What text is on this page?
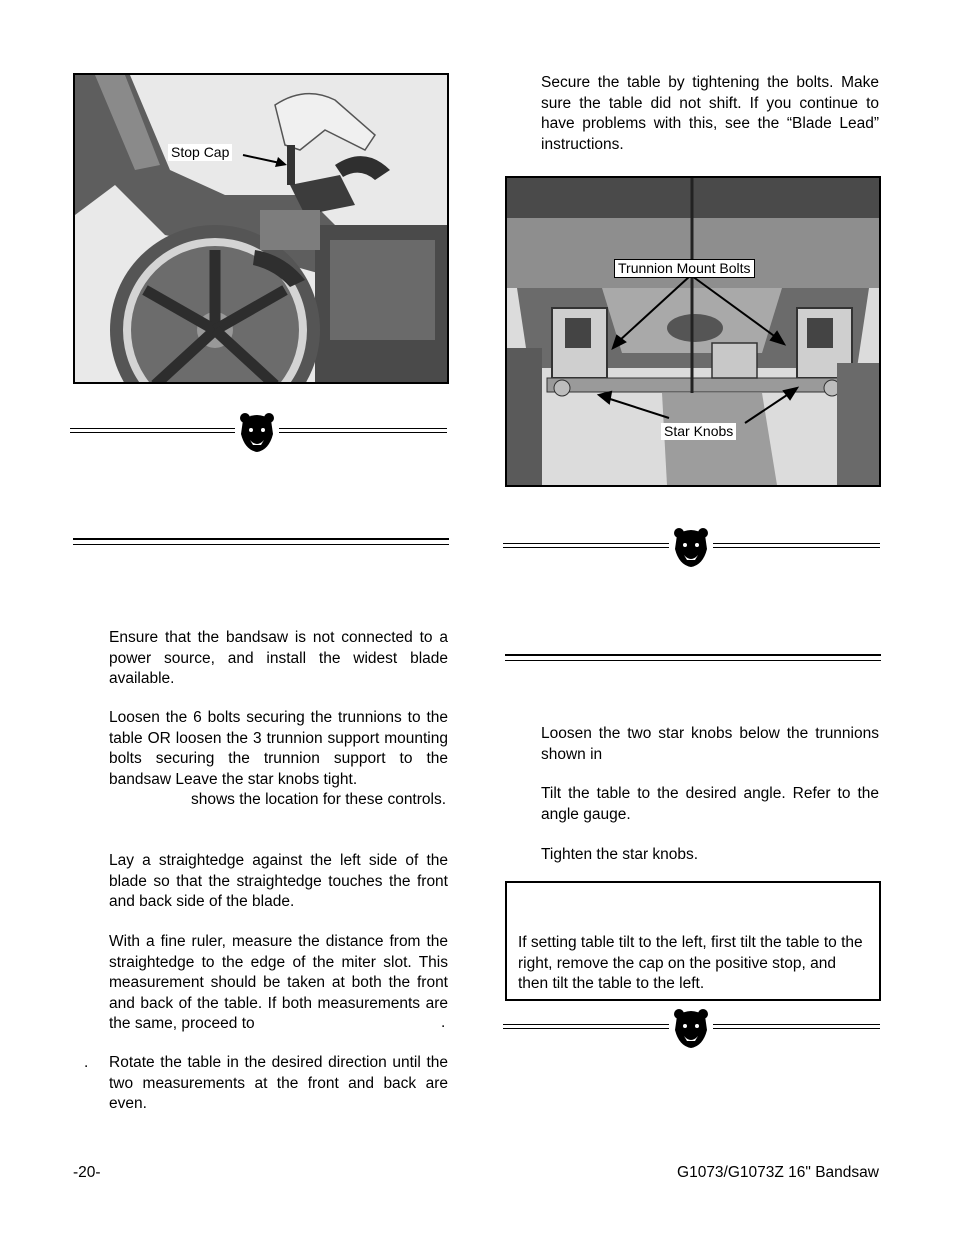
Stop Cap
Ensure that the bandsaw is not connected to a power source, and install the widest blade available.
Loosen the 6 bolts securing the trunnions to the table OR loosen the 3 trunnion support mounting bolts securing the trunnion support to the bandsaw Leave the star knobs tight.
shows the location for these controls.
Lay a straightedge against the left side of the blade so that the straightedge touches the front and back side of the blade.
With a fine ruler, measure the distance from the straightedge to the edge of the miter slot. This measurement should be taken at both the front and back of the table. If both measurements are the same, proceed to	.
. Rotate the table in the desired direction until the two measurements at the front and back are even.
Secure the table by tightening the bolts. Make sure the table did not shift. If you continue to have problems with this, see the “Blade Lead” instructions.
Trunnion Mount Bolts
Star Knobs
Loosen the two star knobs below the trunnions shown in
Tilt the table to the desired angle. Refer to the angle gauge.
Tighten the star knobs.
If setting table tilt to the left, first tilt the table to the right, remove the cap on the positive stop, and then tilt the table to the left.
-20-	G1073/G1073Z 16" Bandsaw
